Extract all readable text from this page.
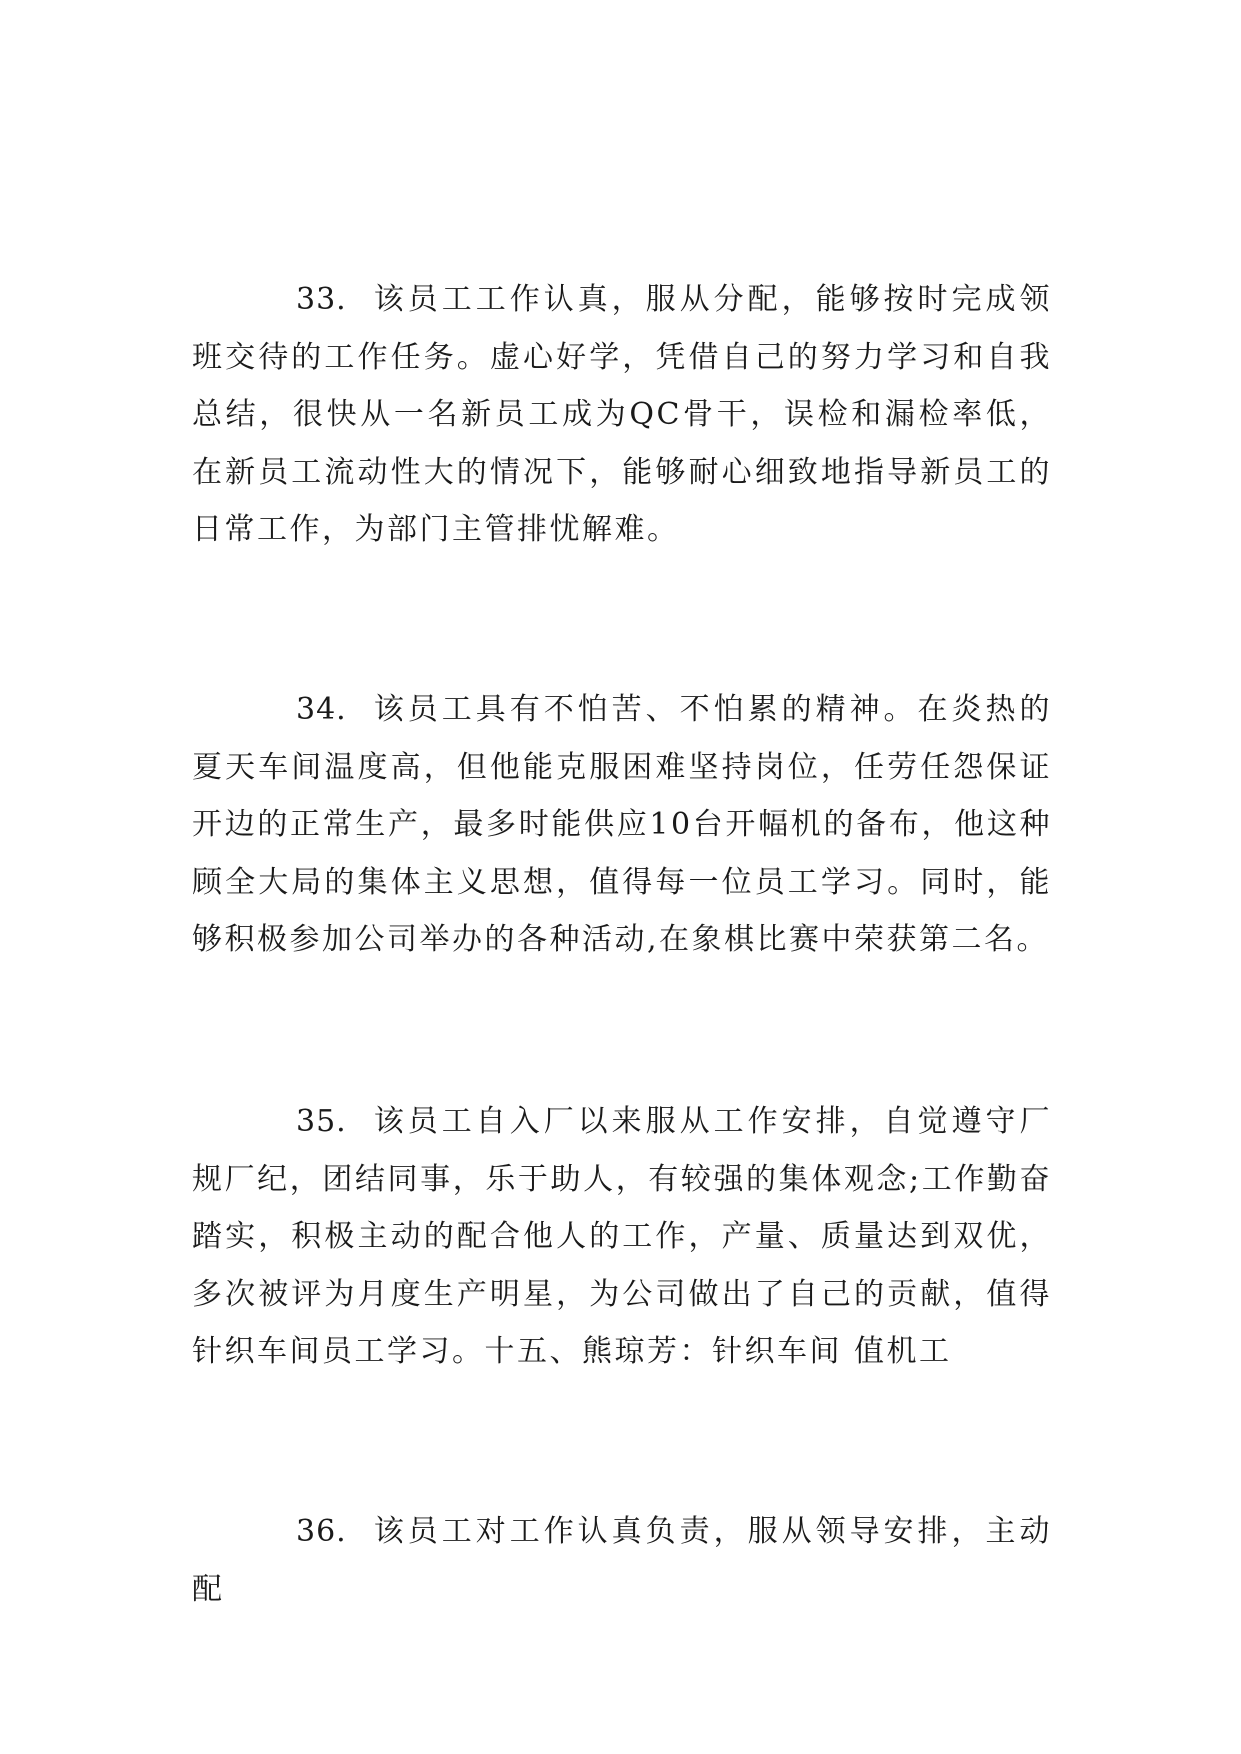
33. 该员工工作认真，服从分配，能够按时完成领班交待的工作任务。虚心好学，凭借自己的努力学习和自我总结，很快从一名新员工成为QC骨干，误检和漏检率低，在新员工流动性大的情况下，能够耐心细致地指导新员工的日常工作，为部门主管排忧解难。

34. 该员工具有不怕苦、不怕累的精神。在炎热的夏天车间温度高，但他能克服困难坚持岗位，任劳任怨保证开边的正常生产，最多时能供应10台开幅机的备布，他这种顾全大局的集体主义思想，值得每一位员工学习。同时，能够积极参加公司举办的各种活动,在象棋比赛中荣获第二名。

35. 该员工自入厂以来服从工作安排，自觉遵守厂规厂纪，团结同事，乐于助人，有较强的集体观念;工作勤奋踏实，积极主动的配合他人的工作，产量、质量达到双优，多次被评为月度生产明星，为公司做出了自己的贡献，值得针织车间员工学习。十五、熊琼芳：针织车间 值机工

36. 该员工对工作认真负责，服从领导安排，主动配
